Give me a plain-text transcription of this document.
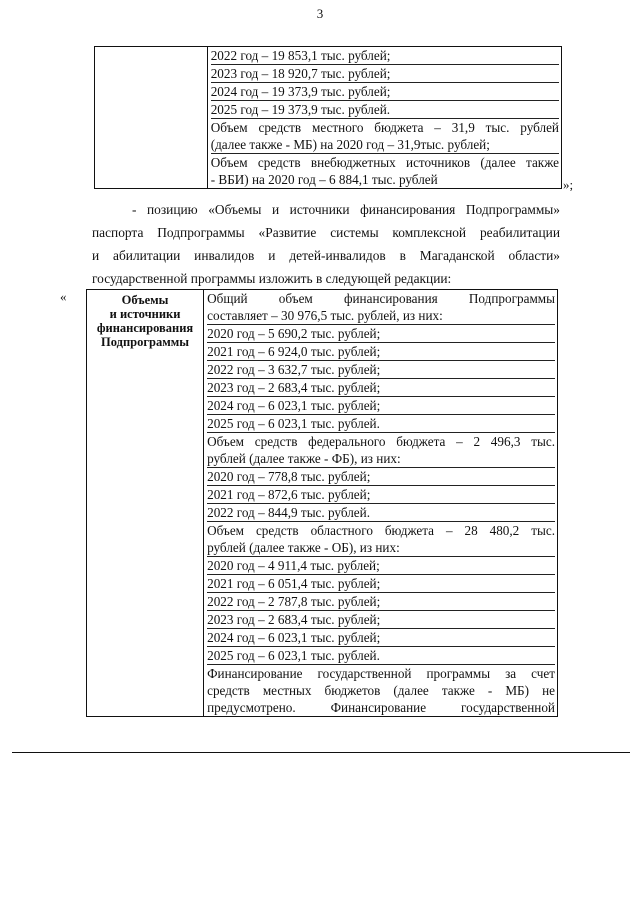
3

2022 год – 19 853,1 тыс. рублей;
2023 год – 18 920,7 тыс. рублей;
2024 год – 19 373,9 тыс. рублей;
2025 год – 19 373,9 тыс. рублей.
Объем средств местного бюджета – 31,9 тыс. рублей
(далее также - МБ) на 2020 год – 31,9тыс. рублей;
Объем средств внебюджетных источников (далее также
- ВБИ) на 2020 год – 6 884,1 тыс. рублей	»;
- позицию «Объемы и источники финансирования Подпрограммы»
паспорта Подпрограммы «Развитие системы комплексной реабилитации
и абилитации инвалидов и детей-инвалидов в Магаданской области»
государственной программы изложить в следующей редакции:
«	Объемы
и источники
финансирования
Подпрограммы

Общий объем финансирования Подпрограммы
составляет – 30 976,5 тыс. рублей, из них:
2020 год – 5 690,2 тыс. рублей;
2021 год – 6 924,0 тыс. рублей;
2022 год – 3 632,7 тыс. рублей;
2023 год – 2 683,4 тыс. рублей;
2024 год – 6 023,1 тыс. рублей;
2025 год – 6 023,1 тыс. рублей.
Объем средств федерального бюджета – 2 496,3 тыс.
рублей (далее также - ФБ), из них:
2020 год – 778,8 тыс. рублей;
2021 год – 872,6 тыс. рублей;
2022 год – 844,9 тыс. рублей.
Объем средств областного бюджета – 28 480,2 тыс.
рублей (далее также - ОБ), из них:
2020 год – 4 911,4 тыс. рублей;
2021 год – 6 051,4 тыс. рублей;
2022 год – 2 787,8 тыс. рублей;
2023 год – 2 683,4 тыс. рублей;
2024 год – 6 023,1 тыс. рублей;
2025 год – 6 023,1 тыс. рублей.
Финансирование государственной программы за счет
средств местных бюджетов (далее также - МБ) не
предусмотрено. Финансирование государственной
